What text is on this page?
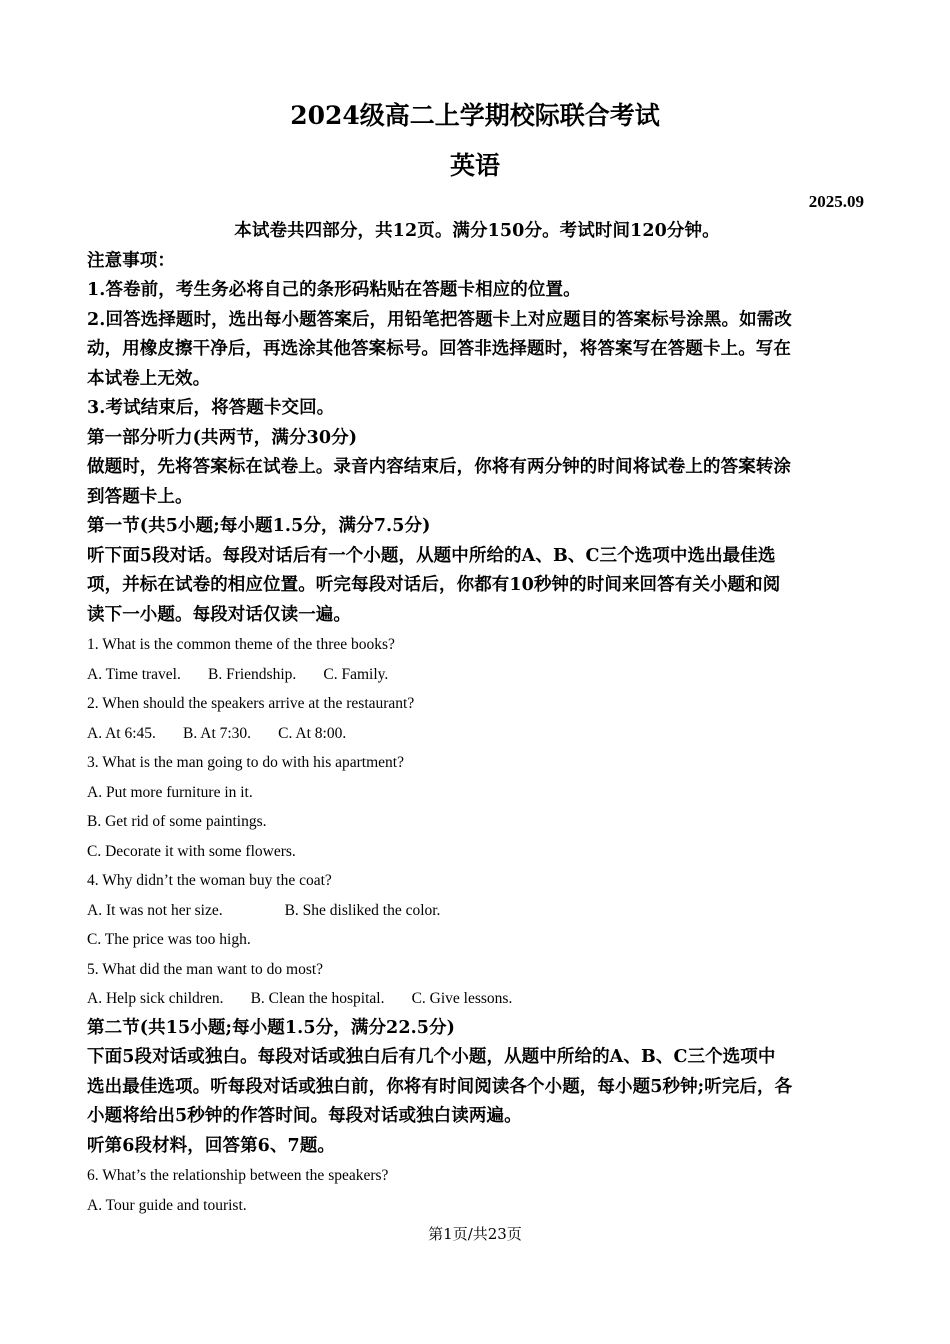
2024级高二上学期校际联合考试
英语
2025.09

本试卷共四部分，共12页。满分150分。考试时间120分钟。

注意事项：

1.答卷前，考生务必将自己的条形码粘贴在答题卡相应的位置。

2.回答选择题时，选出每小题答案后，用铅笔把答题卡上对应题目的答案标号涂黑。如需改

动，用橡皮擦干净后，再选涂其他答案标号。回答非选择题时，将答案写在答题卡上。写在

本试卷上无效。

3.考试结束后，将答题卡交回。

第一部分听力(共两节，满分30分)

做题时，先将答案标在试卷上。录音内容结束后，你将有两分钟的时间将试卷上的答案转涂

到答题卡上。

第一节(共5小题;每小题1.5分，满分7.5分)

听下面5段对话。每段对话后有一个小题，从题中所给的A、B、C三个选项中选出最佳选

项，并标在试卷的相应位置。听完每段对话后，你都有10秒钟的时间来回答有关小题和阅

读下一小题。每段对话仅读一遍。

1. What is the common theme of the three books?

A. Time travel.       B. Friendship.       C. Family.

2. When should the speakers arrive at the restaurant?

A. At 6:45.       B. At 7:30.       C. At 8:00.

3. What is the man going to do with his apartment?

A. Put more furniture in it.

B. Get rid of some paintings.

C. Decorate it with some flowers.

4. Why didn’t the woman buy the coat?

A. It was not her size.                B. She disliked the color.

C. The price was too high.

5. What did the man want to do most?

A. Help sick children.       B. Clean the hospital.       C. Give lessons.

第二节(共15小题;每小题1.5分，满分22.5分)

下面5段对话或独白。每段对话或独白后有几个小题，从题中所给的A、B、C三个选项中

选出最佳选项。听每段对话或独白前，你将有时间阅读各个小题，每小题5秒钟;听完后，各

小题将给出5秒钟的作答时间。每段对话或独白读两遍。

听第6段材料，回答第6、7题。

6. What’s the relationship between the speakers?

A. Tour guide and tourist.

第1页/共23页
